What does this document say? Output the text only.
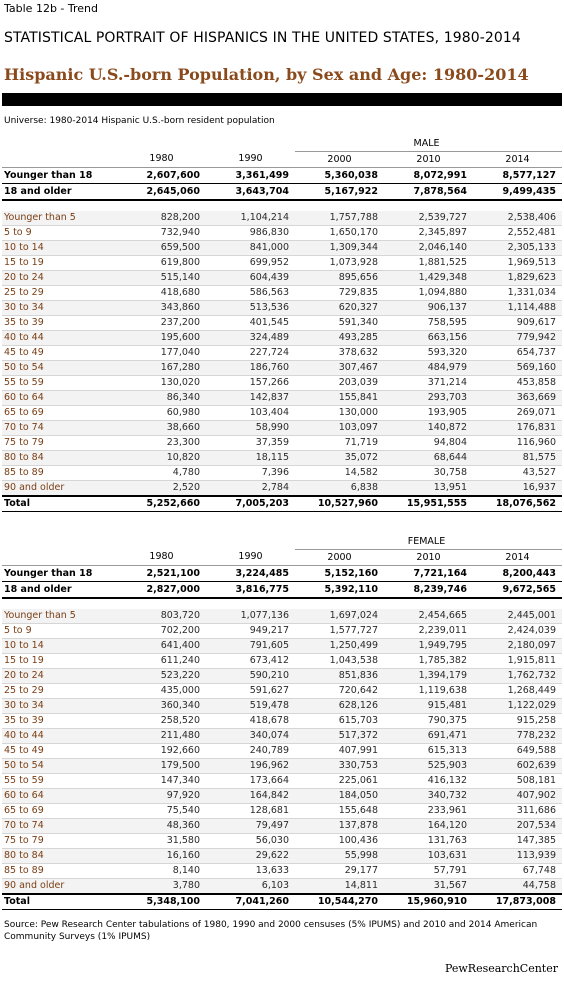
Table 12b - Trend
STATISTICAL PORTRAIT OF HISPANICS IN THE UNITED STATES, 1980-2014
Hispanic U.S.-born Population, by Sex and Age: 1980-2014
Universe: 1980-2014 Hispanic U.S.-born resident population
			MALE		
	1980	1990	2000	2010	2014
Younger than 18	2,607,600	3,361,499	5,360,038	8,072,991	8,577,127
18 and older	2,645,060	3,643,704	5,167,922	7,878,564	9,499,435

Younger than 5	828,200	1,104,214	1,757,788	2,539,727	2,538,406
5 to 9	732,940	986,830	1,650,170	2,345,897	2,552,481
10 to 14	659,500	841,000	1,309,344	2,046,140	2,305,133
15 to 19	619,800	699,952	1,073,928	1,881,525	1,969,513
20 to 24	515,140	604,439	895,656	1,429,348	1,829,623
25 to 29	418,680	586,563	729,835	1,094,880	1,331,034
30 to 34	343,860	513,536	620,327	906,137	1,114,488
35 to 39	237,200	401,545	591,340	758,595	909,617
40 to 44	195,600	324,489	493,285	663,156	779,942
45 to 49	177,040	227,724	378,632	593,320	654,737
50 to 54	167,280	186,760	307,467	484,979	569,160
55 to 59	130,020	157,266	203,039	371,214	453,858
60 to 64	86,340	142,837	155,841	293,703	363,669
65 to 69	60,980	103,404	130,000	193,905	269,071
70 to 74	38,660	58,990	103,097	140,872	176,831
75 to 79	23,300	37,359	71,719	94,804	116,960
80 to 84	10,820	18,115	35,072	68,644	81,575
85 to 89	4,780	7,396	14,582	30,758	43,527
90 and older	2,520	2,784	6,838	13,951	16,937
Total	5,252,660	7,005,203	10,527,960	15,951,555	18,076,562
			FEMALE		
	1980	1990	2000	2010	2014
Younger than 18	2,521,100	3,224,485	5,152,160	7,721,164	8,200,443
18 and older	2,827,000	3,816,775	5,392,110	8,239,746	9,672,565

Younger than 5	803,720	1,077,136	1,697,024	2,454,665	2,445,001
5 to 9	702,200	949,217	1,577,727	2,239,011	2,424,039
10 to 14	641,400	791,605	1,250,499	1,949,795	2,180,097
15 to 19	611,240	673,412	1,043,538	1,785,382	1,915,811
20 to 24	523,220	590,210	851,836	1,394,179	1,762,732
25 to 29	435,000	591,627	720,642	1,119,638	1,268,449
30 to 34	360,340	519,478	628,126	915,481	1,122,029
35 to 39	258,520	418,678	615,703	790,375	915,258
40 to 44	211,480	340,074	517,372	691,471	778,232
45 to 49	192,660	240,789	407,991	615,313	649,588
50 to 54	179,500	196,962	330,753	525,903	602,639
55 to 59	147,340	173,664	225,061	416,132	508,181
60 to 64	97,920	164,842	184,050	340,732	407,902
65 to 69	75,540	128,681	155,648	233,961	311,686
70 to 74	48,360	79,497	137,878	164,120	207,534
75 to 79	31,580	56,030	100,436	131,763	147,385
80 to 84	16,160	29,622	55,998	103,631	113,939
85 to 89	8,140	13,633	29,177	57,791	67,748
90 and older	3,780	6,103	14,811	31,567	44,758
Total	5,348,100	7,041,260	10,544,270	15,960,910	17,873,008
Source: Pew Research Center tabulations of 1980, 1990 and 2000 censuses (5% IPUMS) and 2010 and 2014 American Community Surveys (1% IPUMS)
PewResearchCenter
